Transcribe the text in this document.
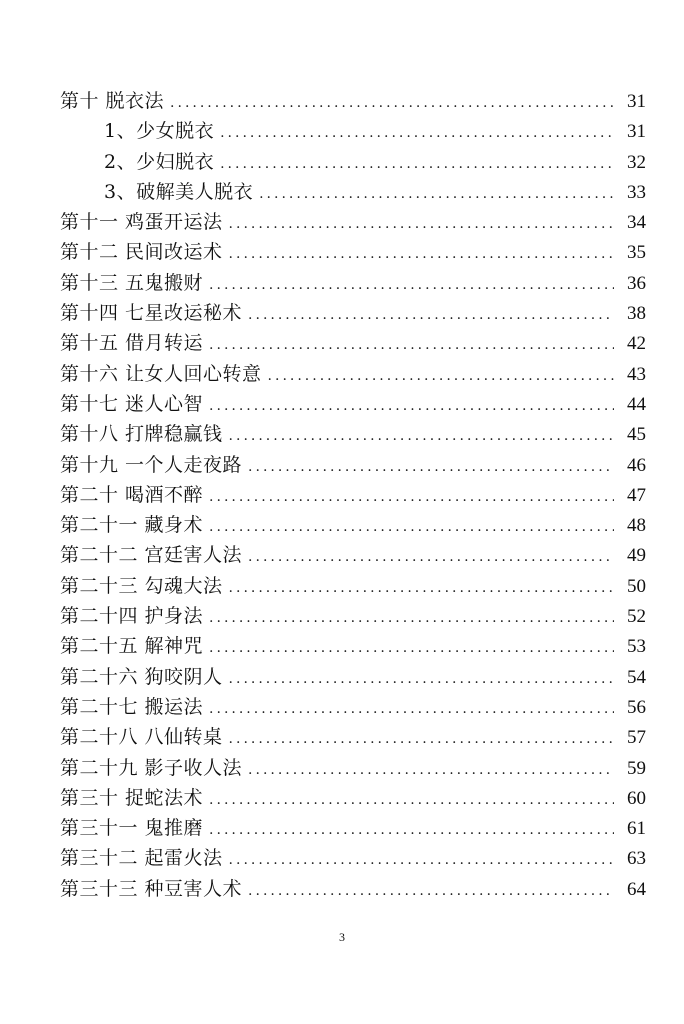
第十 脱衣法 .....	31
1、少女脱衣 .....	31
2、少妇脱衣 .....	32
3、破解美人脱衣 .....	33
第十一 鸡蛋开运法 .....	34
第十二 民间改运术 .....	35
第十三 五鬼搬财 .....	36
第十四 七星改运秘术 .....	38
第十五 借月转运 .....	42
第十六 让女人回心转意 .....	43
第十七 迷人心智 .....	44
第十八 打牌稳赢钱 .....	45
第十九 一个人走夜路 .....	46
第二十 喝酒不醉 .....	47
第二十一 藏身术 .....	48
第二十二 宫廷害人法 .....	49
第二十三 勾魂大法 .....	50
第二十四 护身法 .....	52
第二十五 解神咒 .....	53
第二十六 狗咬阴人 .....	54
第二十七 搬运法 .....	56
第二十八 八仙转桌 .....	57
第二十九 影子收人法 .....	59
第三十 捉蛇法术 .....	60
第三十一 鬼推磨 .....	61
第三十二 起雷火法 .....	63
第三十三 种豆害人术 .....	64
3
